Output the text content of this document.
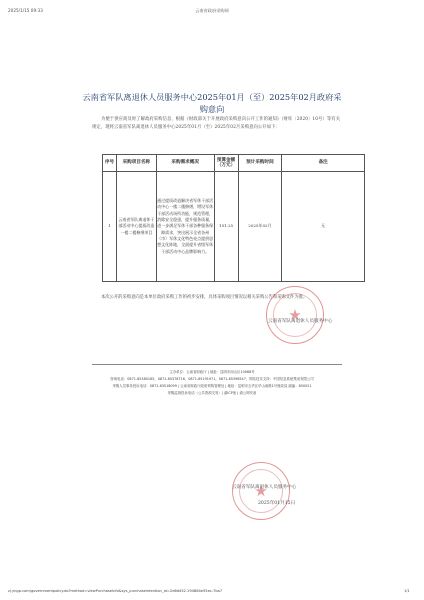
2025/1/15 09:33	云南省政府采购网
云南省军队离退休人员服务中心2025年01月（至）2025年02月政府采
购意向
为便于供应商及时了解政府采购信息，根据《财政部关于开展政府采购意向公开工作的通知》（财库〔2020〕10号）等有关规定，现将云南省军队离退休人员服务中心2025年01月（至）2025年02月采购意向公开如下：
序号	采购项目名称	采购需求概况	预算金额（万元）	预计采购时间	备注
1	云南省军队离退休干部活动中心提质改造一楼二楼修缮项目	通过提质改造解决省军休干部活动中心一楼二楼修缮，增设军休干部活动场所功能，规范管理，消除安全隐患，提升服务质量，进一步满足军休干部各种服务保障需求，突出展示全省各州（市）军休文化特色亮点提供思想文化阵地，全面提升省级军休干部活动中心品牌影响力。	151.25	2025年02月	无
本次公开的采购意向是本单位政府采购工作的初步安排，具体采购项目情况以相关采购公告和采购文件为准。
★
云南省军队离退休人员服务中心
主办单位：云南省财政厅 | 地址：昆明市西山区10068号
咨询电话：0871-65380185，0871-65378716，0871-65191971，0871-65396547，网站技术支持：中国信息系统集成有限公司
采购人员事务投诉电话：0871-63518099 | 云南省财政厅政府采购管理处 | 地址：昆明市五华区华山南路1号财政局 邮编：650021
采购监督投诉电话（公共资源交易）| 滇ICP备 | 滇公网安备
★
云南省军队离退休人员服务中心
2025年01月15日
zj.yngp.com/governmentpolicy.do?method=viewPurchaseInfo&sys_purchaseintention_id=2d6d452.194864e55ec-7ba7	1/1
